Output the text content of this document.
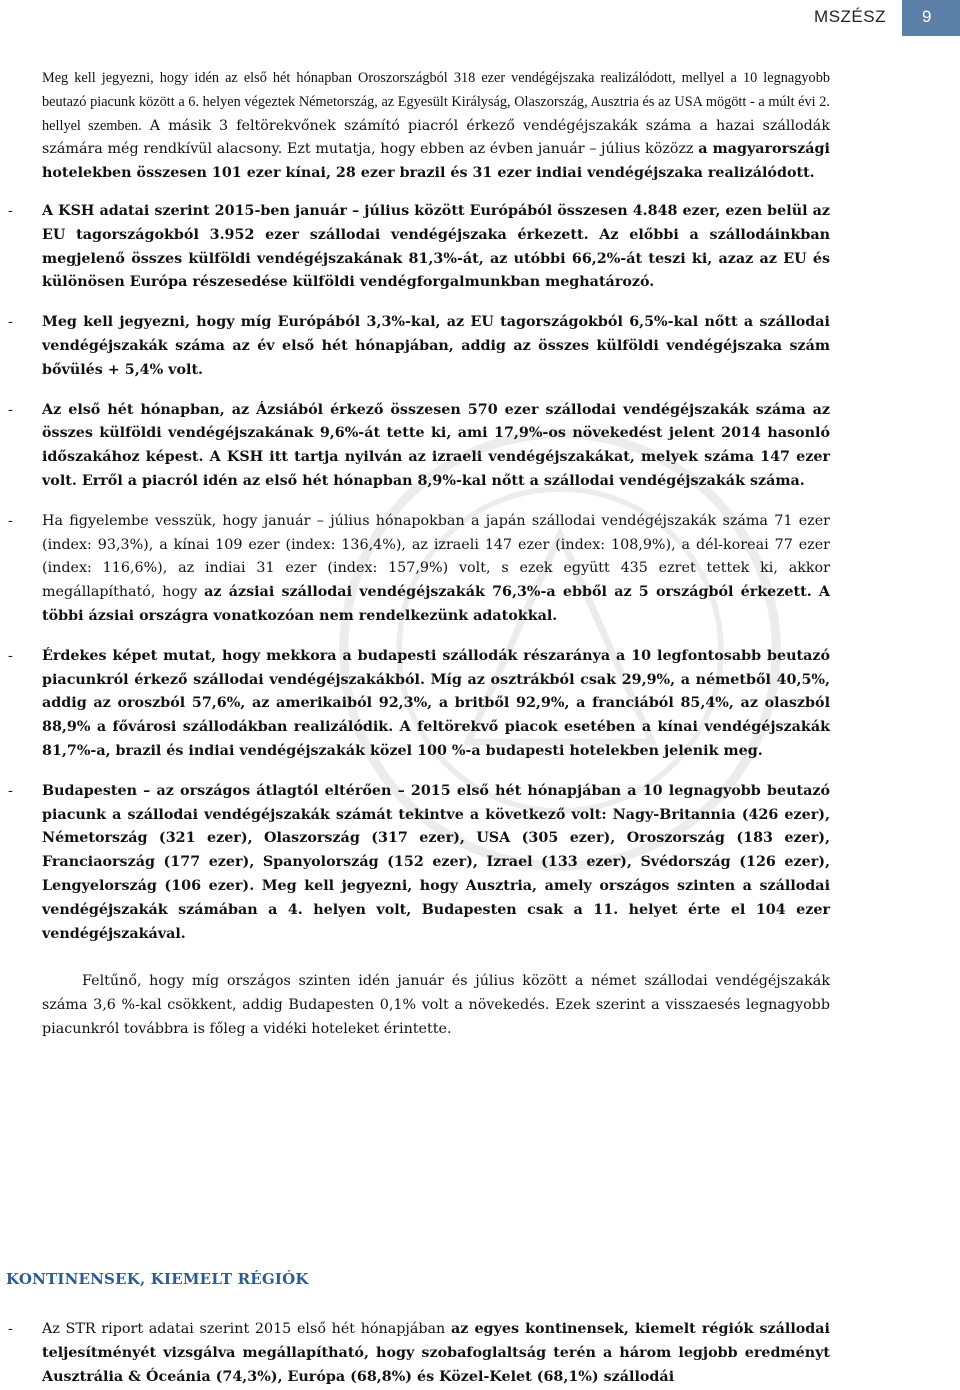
MSZÉSZ	9

Meg kell jegyezni, hogy idén az első hét hónapban Oroszországból 318 ezer vendégéjszaka realizálódott, mellyel a 10 legnagyobb beutazó piacunk között a 6. helyen végeztek Németország, az Egyesült Királyság, Olaszország, Ausztria és az USA mögött - a múlt évi 2. hellyel szemben. A másik 3 feltörekvőnek számító piacról érkező vendégéjszakák száma a hazai szállodák számára még rendkívül alacsony. Ezt mutatja, hogy ebben az évben január – július közözz a magyarországi hotelekben összesen 101 ezer kínai, 28 ezer brazil és 31 ezer indiai vendégéjszaka realizálódott.

- A KSH adatai szerint 2015-ben január – július között Európából összesen 4.848 ezer, ezen belül az EU tagországokból 3.952 ezer szállodai vendégéjszaka érkezett. Az előbbi a szállodáinkban megjelenő összes külföldi vendégéjszakának 81,3%-át, az utóbbi 66,2%-át teszi ki, azaz az EU és különösen Európa részesedése külföldi vendégforgalmunkban meghatározó.

- Meg kell jegyezni, hogy míg Európából 3,3%-kal, az EU tagországokból 6,5%-kal nőtt a szállodai vendégéjszakák száma az év első hét hónapjában, addig az összes külföldi vendégéjszaka szám bővülés + 5,4% volt.

- Az első hét hónapban, az Ázsiából érkező összesen 570 ezer szállodai vendégéjszakák száma az összes külföldi vendégéjszakának 9,6%-át tette ki, ami 17,9%-os növekedést jelent 2014 hasonló időszakához képest. A KSH itt tartja nyilván az izraeli vendégéjszakákat, melyek száma 147 ezer volt. Erről a piacról idén az első hét hónapban 8,9%-kal nőtt a szállodai vendégéjszakák száma.

- Ha figyelembe vesszük, hogy január – július hónapokban a japán szállodai vendégéjszakák száma 71 ezer (index: 93,3%), a kínai 109 ezer (index: 136,4%), az izraeli 147 ezer (index: 108,9%), a dél-koreai 77 ezer (index: 116,6%), az indiai 31 ezer (index: 157,9%) volt, s ezek együtt 435 ezret tettek ki, akkor megállapítható, hogy az ázsiai szállodai vendégéjszakák 76,3%-a ebből az 5 országból érkezett. A többi ázsiai országra vonatkozóan nem rendelkezünk adatokkal.

- Érdekes képet mutat, hogy mekkora a budapesti szállodák részaránya a 10 legfontosabb beutazó piacunkról érkező szállodai vendégéjszakákból. Míg az osztrákból csak 29,9%, a németből 40,5%, addig az oroszból 57,6%, az amerikaiból 92,3%, a britből 92,9%, a franciából 85,4%, az olaszból 88,9% a fővárosi szállodákban realizálódik. A feltörekvő piacok esetében a kínai vendégéjszakák 81,7%-a, brazil és indiai vendégéjszakák közel 100 %-a budapesti hotelekben jelenik meg.

- Budapesten – az országos átlagtól eltérően – 2015 első hét hónapjában a 10 legnagyobb beutazó piacunk a szállodai vendégéjszakák számát tekintve a következő volt: Nagy-Britannia (426 ezer), Németország (321 ezer), Olaszország (317 ezer), USA (305 ezer), Oroszország (183 ezer), Franciaország (177 ezer), Spanyolország (152 ezer), Izrael (133 ezer), Svédország (126 ezer), Lengyelország (106 ezer). Meg kell jegyezni, hogy Ausztria, amely országos szinten a szállodai vendégéjszakák számában a 4. helyen volt, Budapesten csak a 11. helyet érte el 104 ezer vendégéjszakával.

Feltűnő, hogy míg országos szinten idén január és július között a német szállodai vendégéjszakák száma 3,6 %-kal csökkent, addig Budapesten 0,1% volt a növekedés. Ezek szerint a visszaesés legnagyobb piacunkról továbbra is főleg a vidéki hoteleket érintette.

KONTINENSEK, KIEMELT RÉGIÓK
- Az STR riport adatai szerint 2015 első hét hónapjában az egyes kontinensek, kiemelt régiók szállodai teljesítményét vizsgálva megállapítható, hogy szobafoglaltság terén a három legjobb eredményt Ausztrália & Óceánia (74,3%), Európa (68,8%) és Közel-Kelet (68,1%) szállodái
